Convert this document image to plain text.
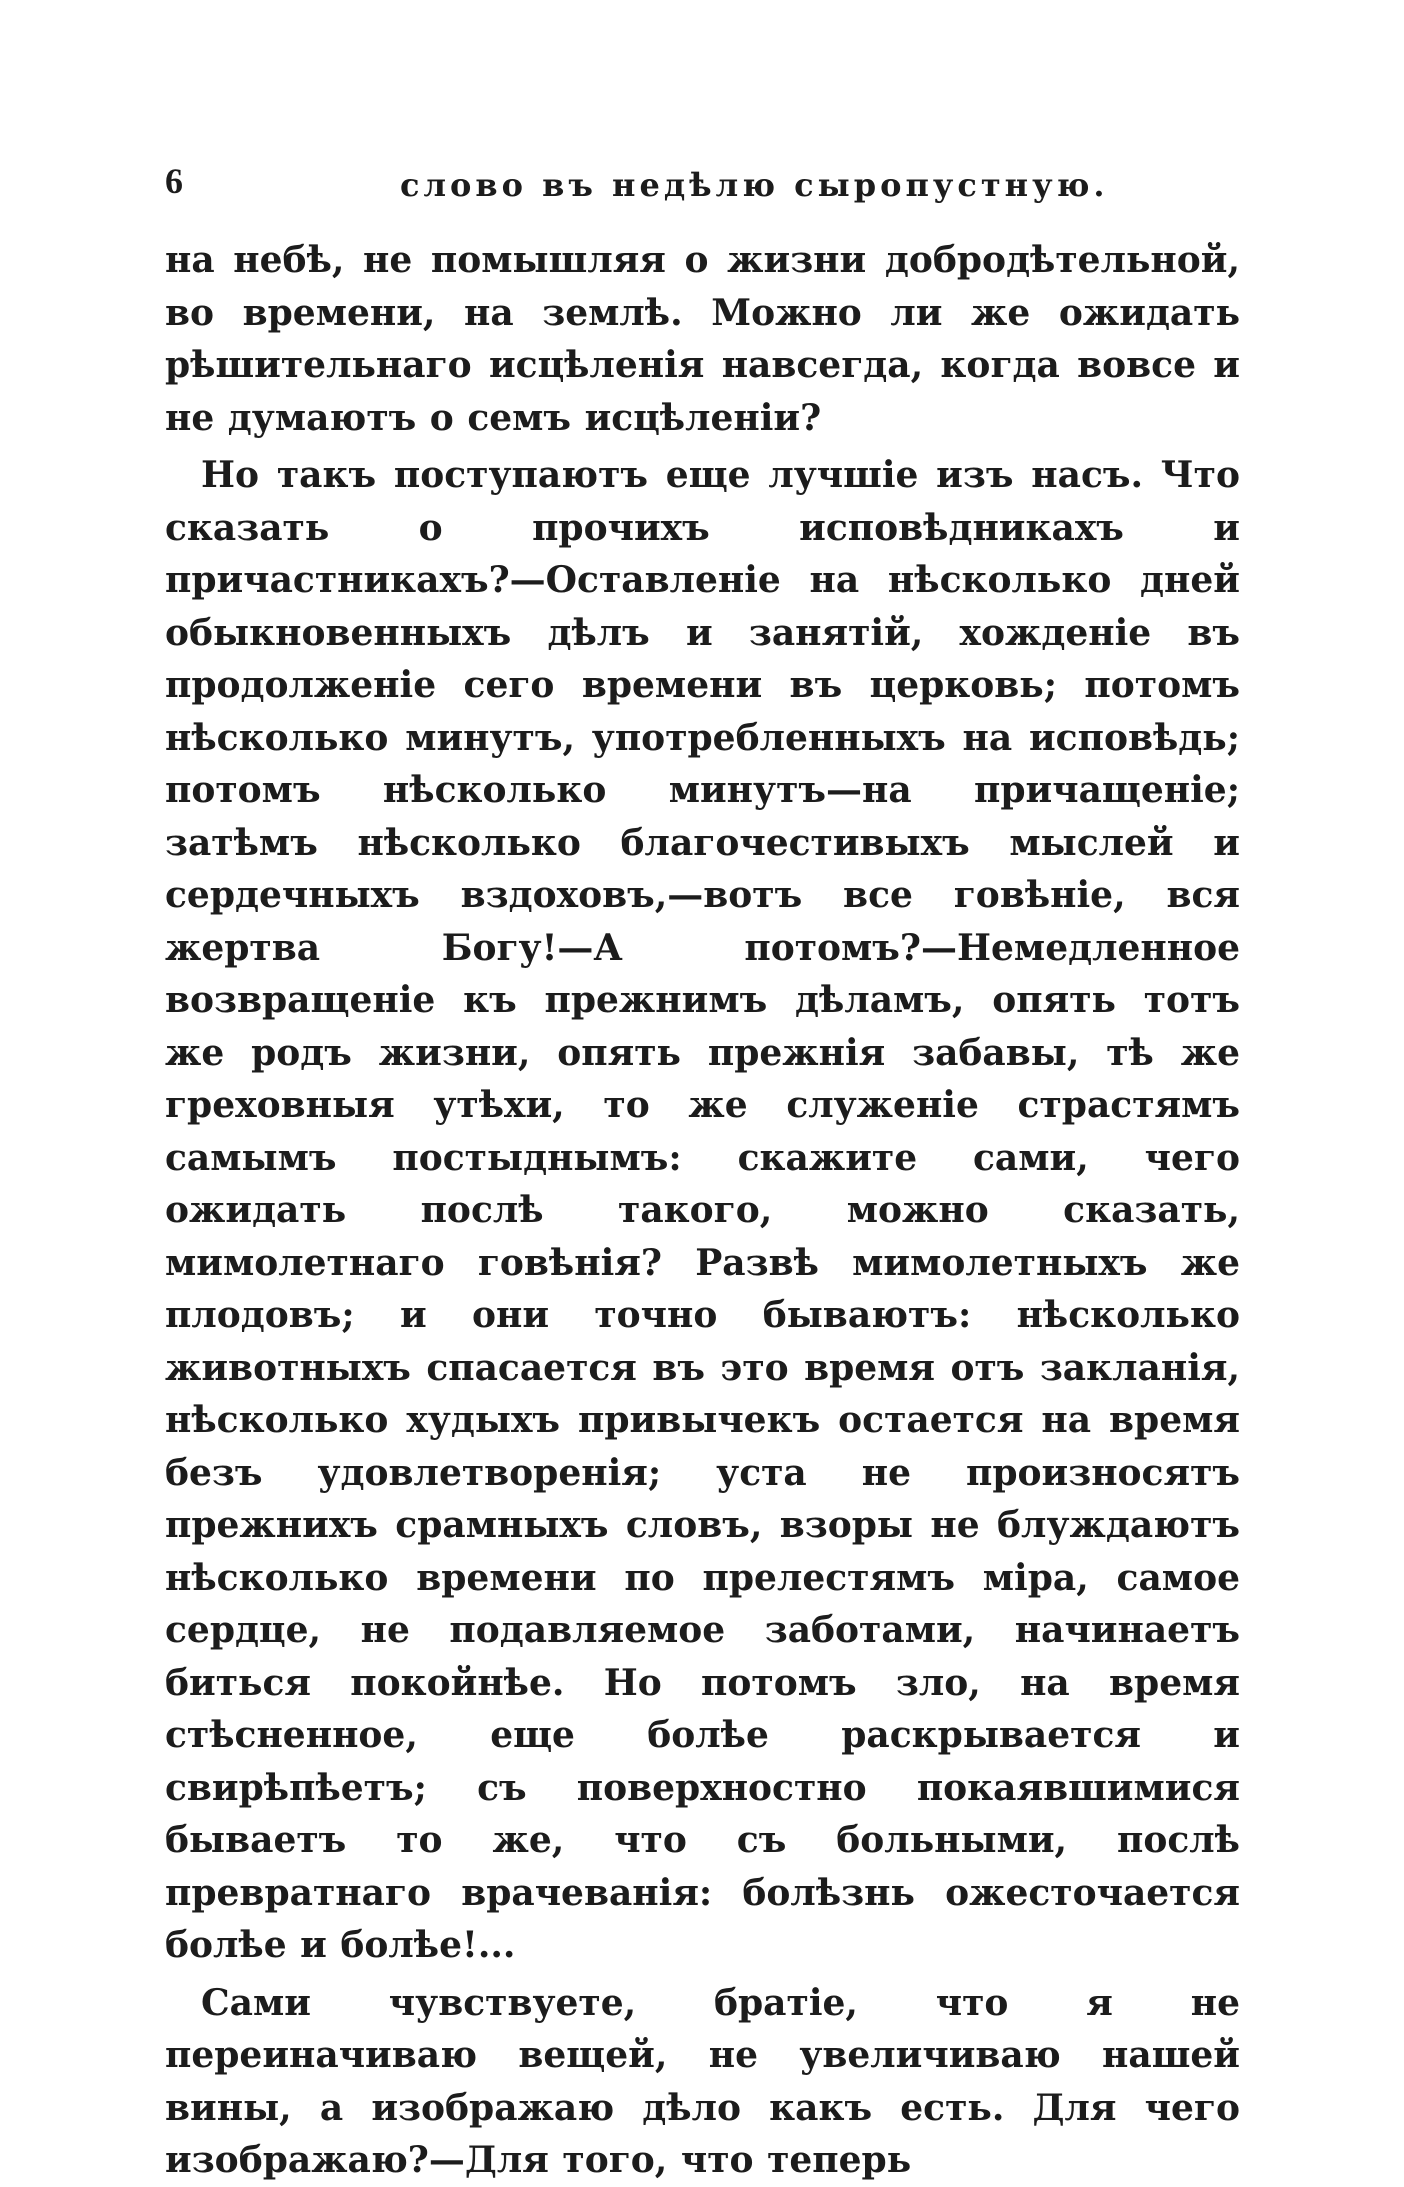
6	слово въ недѣлю сыропустную.

на небѣ, не помышляя о жизни добродѣтельной, во времени, на землѣ. Можно ли же ожидать рѣшительнаго исцѣленія навсегда, когда вовсе и не думаютъ о семъ исцѣленіи?

Но такъ поступаютъ еще лучшіе изъ насъ. Что сказать о прочихъ исповѣдникахъ и причастникахъ?—Оставленіе на нѣсколько дней обыкновенныхъ дѣлъ и занятій, хожденіе въ продолженіе сего времени въ церковь; потомъ нѣсколько минутъ, употребленныхъ на исповѣдь; потомъ нѣсколько минутъ—на причащеніе; затѣмъ нѣсколько благочестивыхъ мыслей и сердечныхъ вздоховъ,—вотъ все говѣніе, вся жертва Богу!—А потомъ?—Немедленное возвращеніе къ прежнимъ дѣламъ, опять тотъ же родъ жизни, опять прежнія забавы, тѣ же греховныя утѣхи, то же служеніе страстямъ самымъ постыднымъ: скажите сами, чего ожидать послѣ такого, можно сказать, мимолетнаго говѣнія? Развѣ мимолетныхъ же плодовъ; и они точно бываютъ: нѣсколько животныхъ спасается въ это время отъ закланія, нѣсколько худыхъ привычекъ остается на время безъ удовлетворенія; уста не произносятъ прежнихъ срамныхъ словъ, взоры не блуждаютъ нѣсколько времени по прелестямъ міра, самое сердце, не подавляемое заботами, начинаетъ биться покойнѣе. Но потомъ зло, на время стѣсненное, еще болѣе раскрывается и свирѣпѣетъ; съ поверхностно покаявшимися бываетъ то же, что съ больными, послѣ превратнаго врачеванія: болѣзнь ожесточается болѣе и болѣе!...

Сами чувствуете, братіе, что я не переиначиваю вещей, не увеличиваю нашей вины, а изображаю дѣло какъ есть. Для чего изображаю?—Для того, что теперь
